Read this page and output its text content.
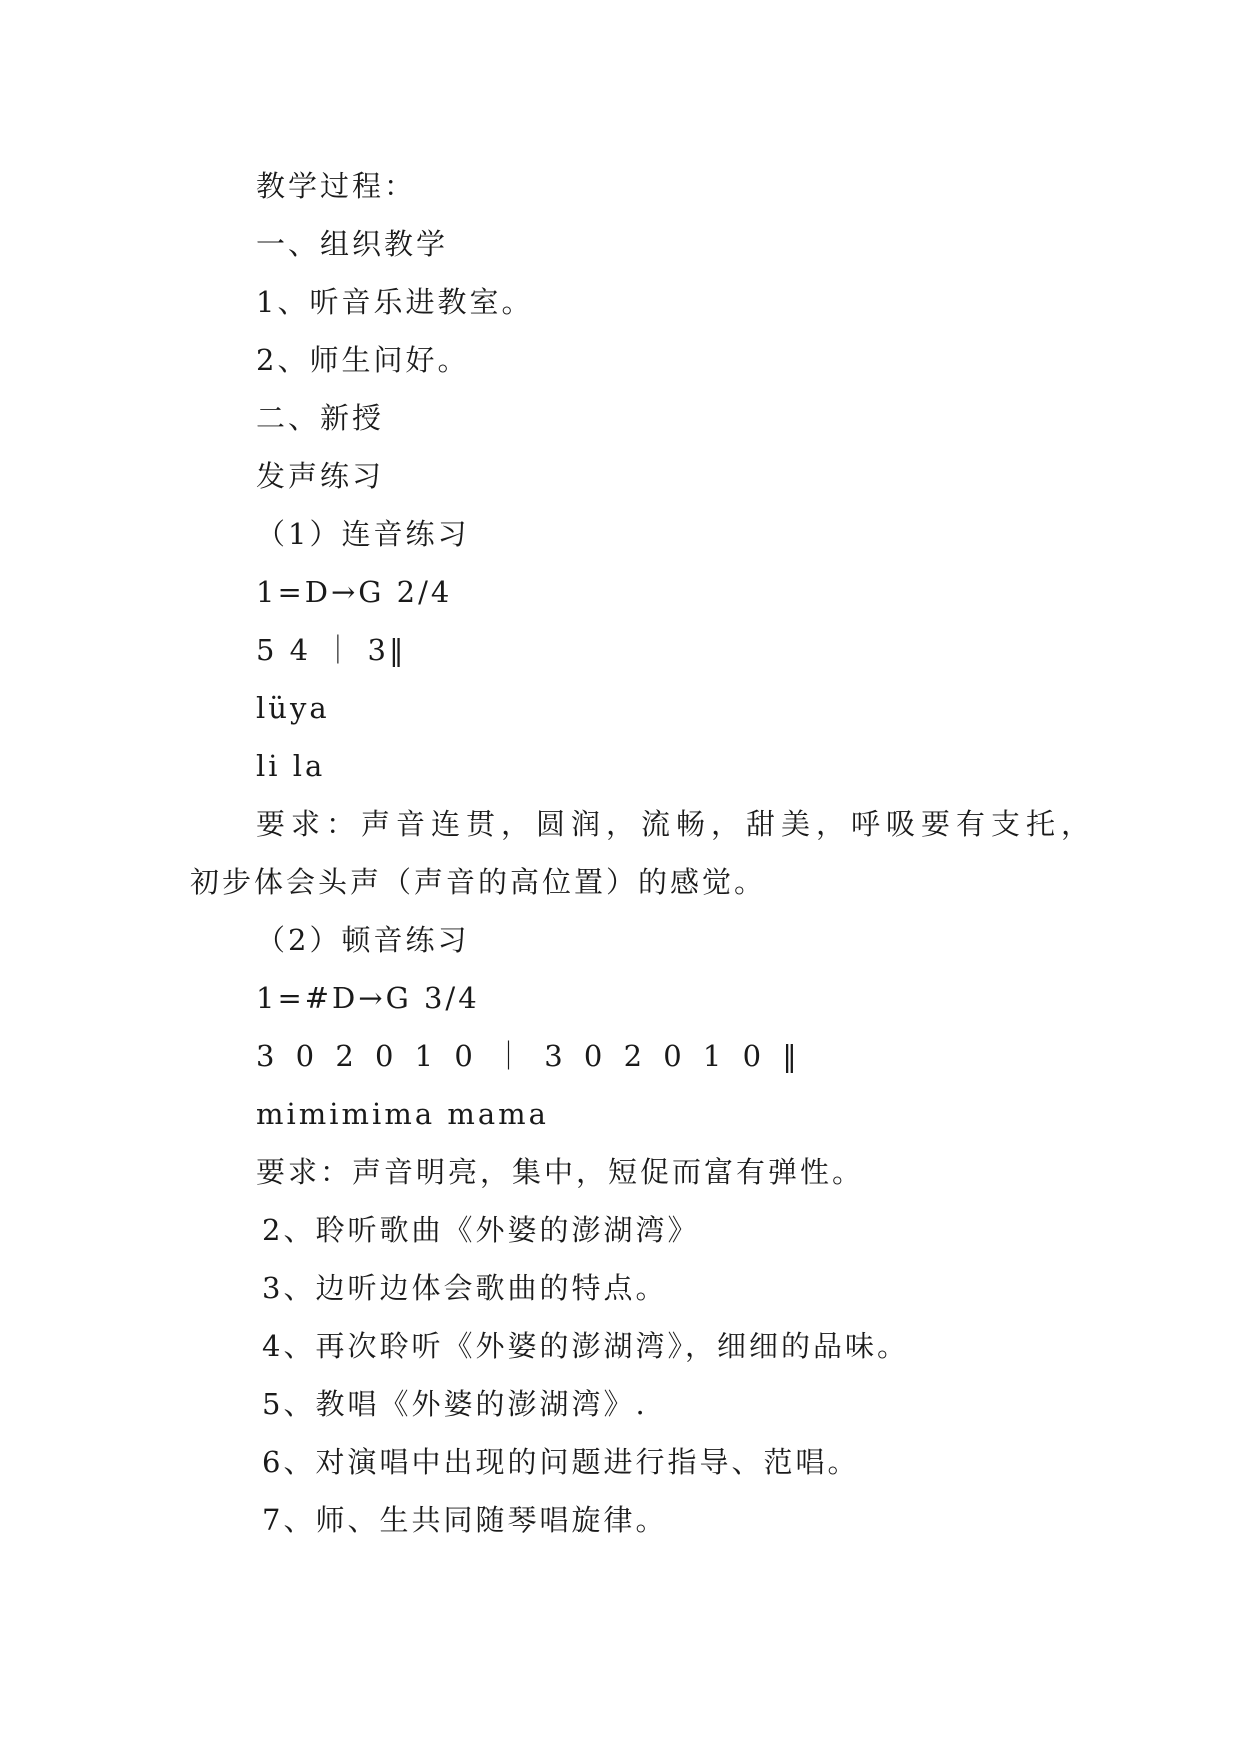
教学过程：
一、组织教学
1、听音乐进教室。
2、师生问好。
二、新授
发声练习
（1）连音练习
1=D→G 2/4
5 4 ｜ 3‖
lüya
li la
要求：声音连贯，圆润，流畅，甜美，呼吸要有支托，
初步体会头声（声音的高位置）的感觉。
（2）顿音练习
1=#D→G 3/4
3 0 2 0 1 0 ｜ 3 0 2 0 1 0 ‖
mimimima mama
要求：声音明亮，集中，短促而富有弹性。
2、聆听歌曲《外婆的澎湖湾》
3、边听边体会歌曲的特点。
4、再次聆听《外婆的澎湖湾》，细细的品味。
5、教唱《外婆的澎湖湾》.
6、对演唱中出现的问题进行指导、范唱。
7、师、生共同随琴唱旋律。
